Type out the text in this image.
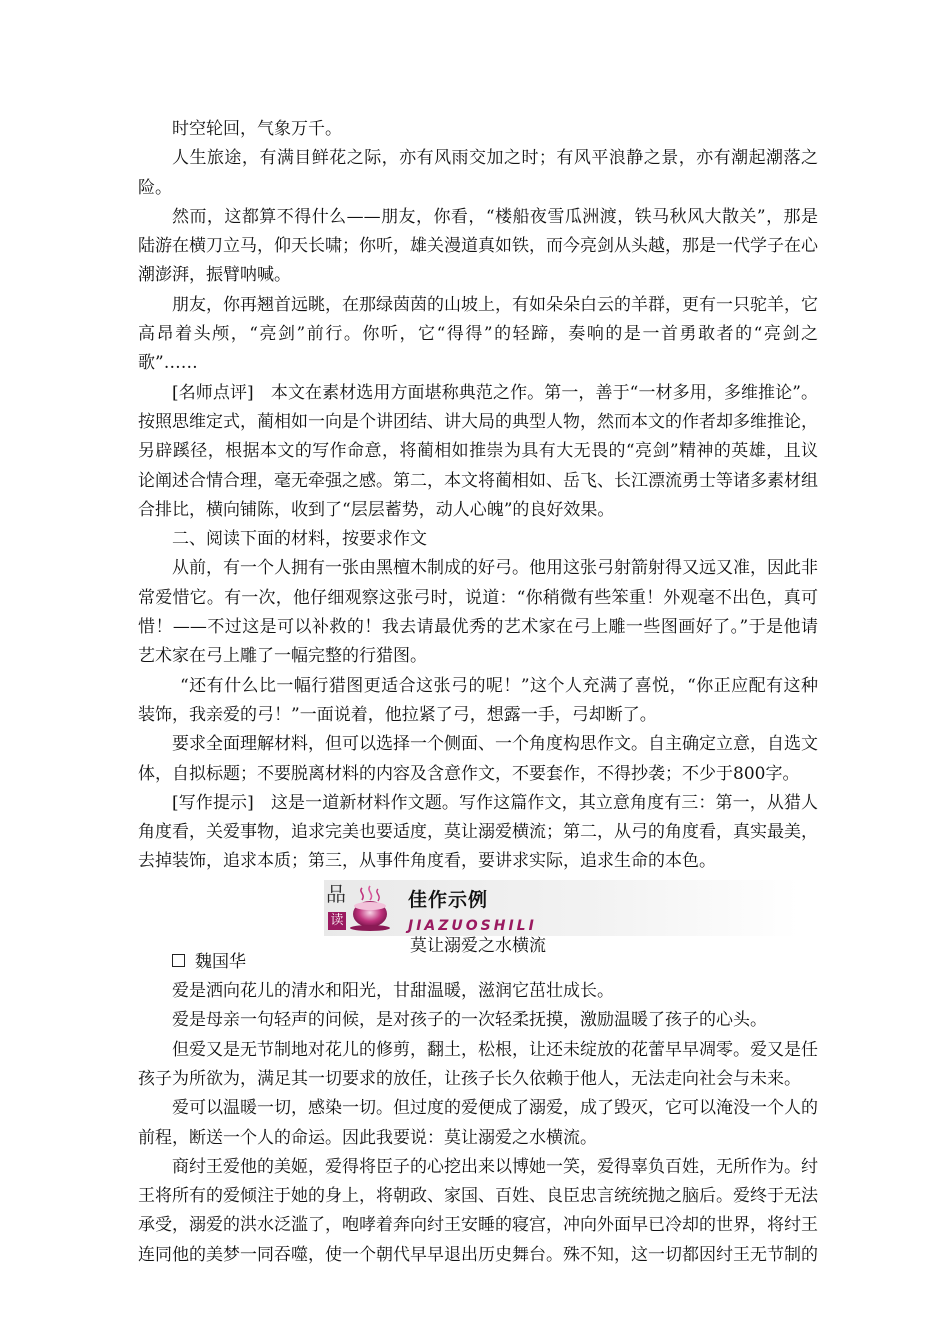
时空轮回，气象万千。

人生旅途，有满目鲜花之际，亦有风雨交加之时；有风平浪静之景，亦有潮起潮落之险。

然而，这都算不得什么——朋友，你看，“楼船夜雪瓜洲渡，铁马秋风大散关”，那是陆游在横刀立马，仰天长啸；你听，雄关漫道真如铁，而今亮剑从头越，那是一代学子在心潮澎湃，振臂呐喊。

朋友，你再翘首远眺，在那绿茵茵的山坡上，有如朵朵白云的羊群，更有一只驼羊，它高昂着头颅，“亮剑”前行。你听，它“得得”的轻蹄，奏响的是一首勇敢者的“亮剑之歌”……

[名师点评]　本文在素材选用方面堪称典范之作。第一，善于“一材多用，多维推论”。按照思维定式，蔺相如一向是个讲团结、讲大局的典型人物，然而本文的作者却多维推论，另辟蹊径，根据本文的写作命意，将蔺相如推崇为具有大无畏的“亮剑”精神的英雄，且议论阐述合情合理，毫无牵强之感。第二，本文将蔺相如、岳飞、长江漂流勇士等诸多素材组合排比，横向铺陈，收到了“层层蓄势，动人心魄”的良好效果。

二、阅读下面的材料，按要求作文

从前，有一个人拥有一张由黑檀木制成的好弓。他用这张弓射箭射得又远又准，因此非常爱惜它。有一次，他仔细观察这张弓时，说道：“你稍微有些笨重！外观毫不出色，真可惜！——不过这是可以补救的！我去请最优秀的艺术家在弓上雕一些图画好了。”于是他请艺术家在弓上雕了一幅完整的行猎图。

“还有什么比一幅行猎图更适合这张弓的呢！”这个人充满了喜悦，“你正应配有这种装饰，我亲爱的弓！”一面说着，他拉紧了弓，想露一手，弓却断了。

要求全面理解材料，但可以选择一个侧面、一个角度构思作文。自主确定立意，自选文体，自拟标题；不要脱离材料的内容及含意作文，不要套作，不得抄袭；不少于800字。

[写作提示]　这是一道新材料作文题。写作这篇作文，其立意角度有三：第一，从猎人角度看，关爱事物，追求完美也要适度，莫让溺爱横流；第二，从弓的角度看，真实最美，去掉装饰，追求本质；第三，从事件角度看，要讲求实际，追求生命的本色。

品
读
佳作示例
JIAZUOSHILI
莫让溺爱之水横流

魏国华

爱是洒向花儿的清水和阳光，甘甜温暖，滋润它茁壮成长。

爱是母亲一句轻声的问候，是对孩子的一次轻柔抚摸，激励温暖了孩子的心头。

但爱又是无节制地对花儿的修剪，翻土，松根，让还未绽放的花蕾早早凋零。爱又是任孩子为所欲为，满足其一切要求的放任，让孩子长久依赖于他人，无法走向社会与未来。

爱可以温暖一切，感染一切。但过度的爱便成了溺爱，成了毁灭，它可以淹没一个人的前程，断送一个人的命运。因此我要说：莫让溺爱之水横流。

商纣王爱他的美姬，爱得将臣子的心挖出来以博她一笑，爱得辜负百姓，无所作为。纣王将所有的爱倾注于她的身上，将朝政、家国、百姓、良臣忠言统统抛之脑后。爱终于无法承受，溺爱的洪水泛滥了，咆哮着奔向纣王安睡的寝宫，冲向外面早已冷却的世界，将纣王连同他的美梦一同吞噬，使一个朝代早早退出历史舞台。殊不知，这一切都因纣王无节制的
